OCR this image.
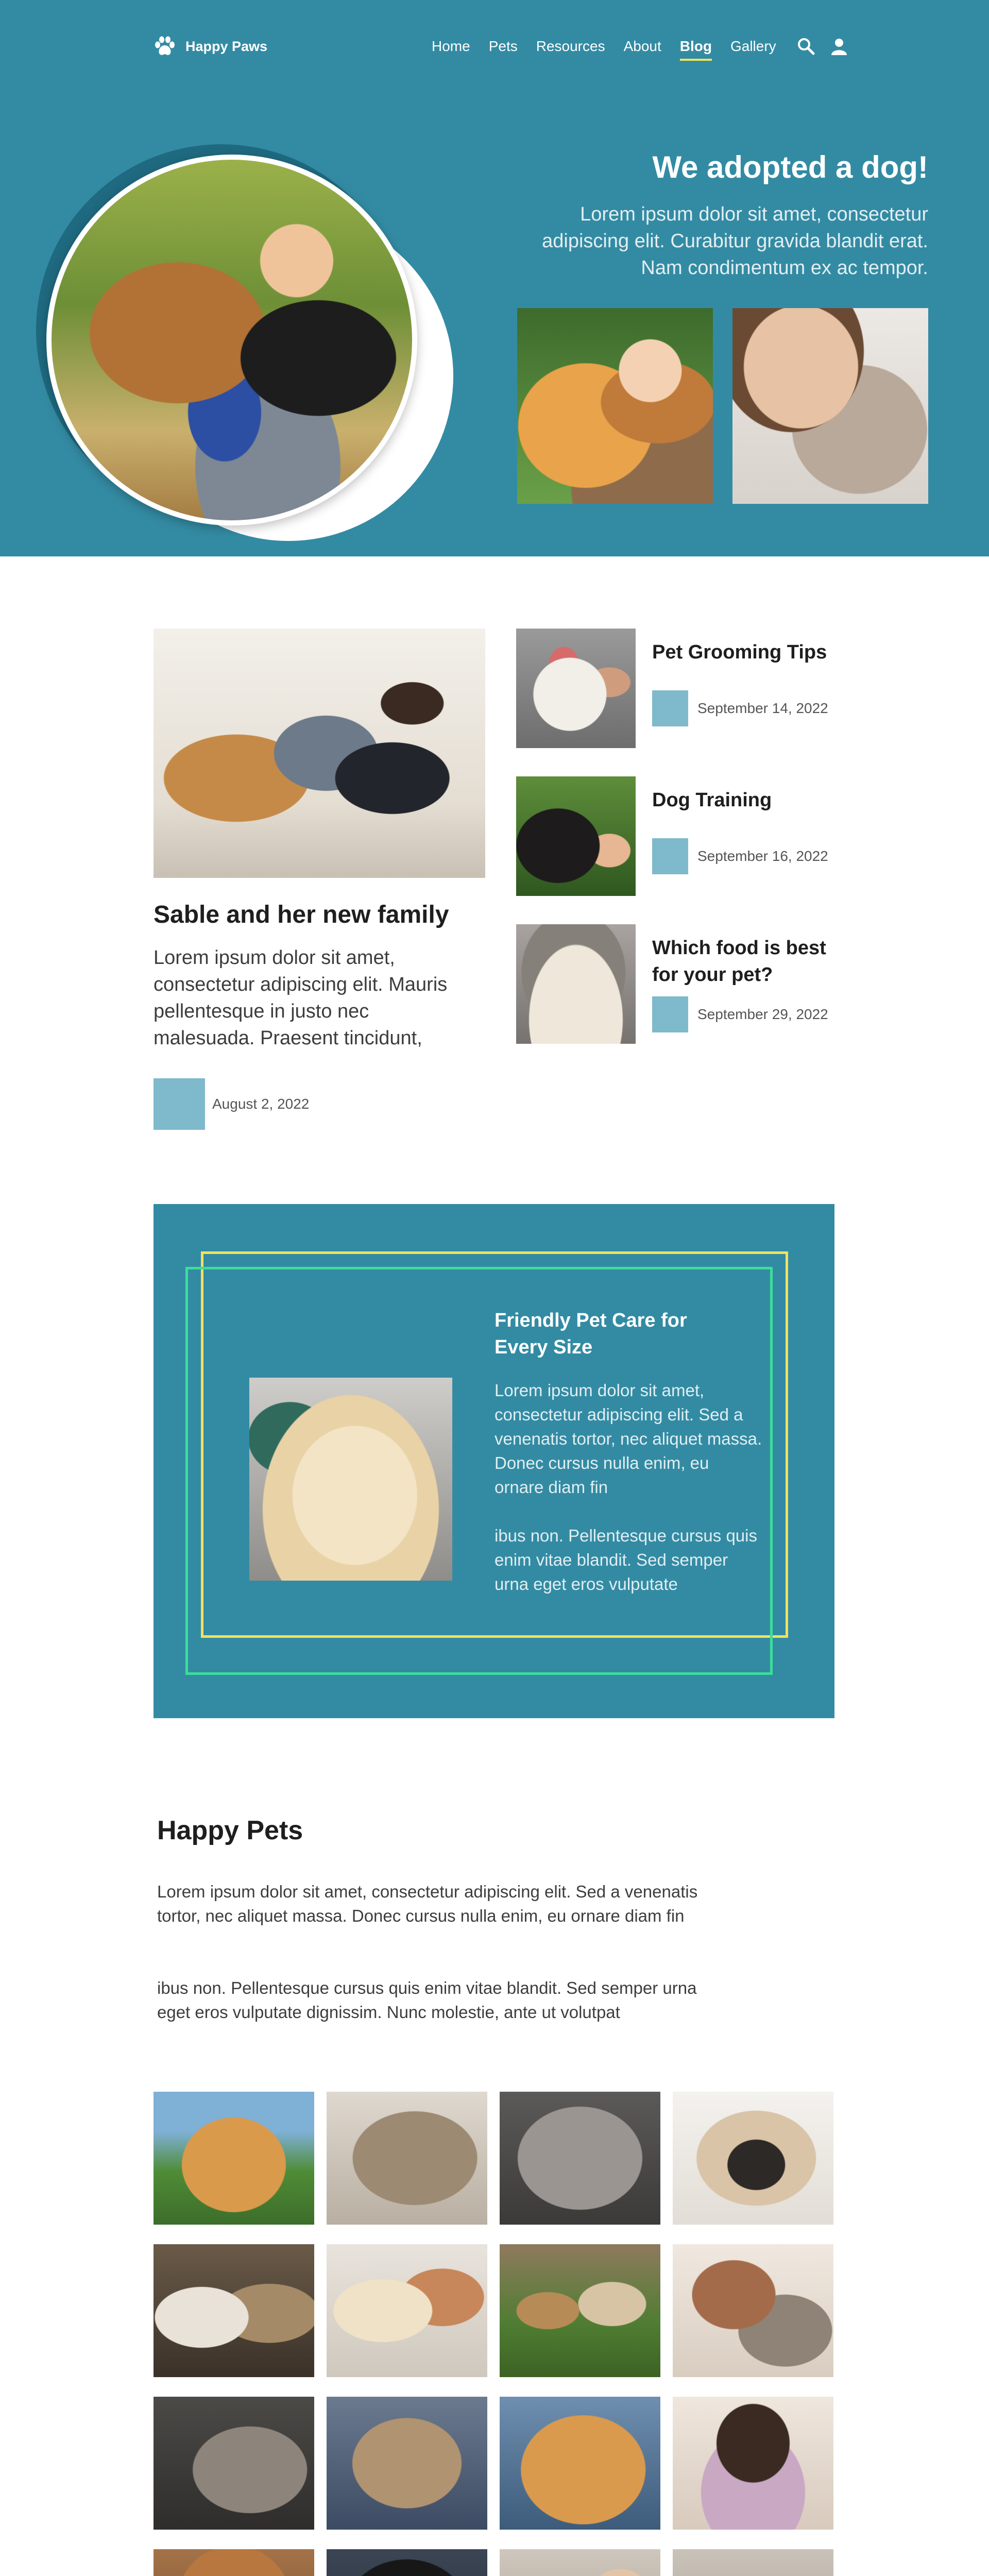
Happy Paws	Home Pets Resources About Blog Gallery
We adopted a dog!

Lorem ipsum dolor sit amet, consectetur adipiscing elit. Curabitur gravida blandit erat. Nam condimentum ex ac tempor.

Sable and her new family

Lorem ipsum dolor sit amet, consectetur adipiscing elit. Mauris pellentesque in justo nec malesuada. Praesent tincidunt,

August 2, 2022
Pet Grooming Tips
September 14, 2022
Dog Training
September 16, 2022
Which food is best for your pet?
September 29, 2022
Friendly Pet Care for Every Size

Lorem ipsum dolor sit amet, consectetur adipiscing elit. Sed a venenatis tortor, nec aliquet massa. Donec cursus nulla enim, eu ornare diam fin

ibus non. Pellentesque cursus quis enim vitae blandit. Sed semper urna eget eros vulputate

Happy Pets

Lorem ipsum dolor sit amet, consectetur adipiscing elit. Sed a venenatis tortor, nec aliquet massa. Donec cursus nulla enim, eu ornare diam fin

ibus non. Pellentesque cursus quis enim vitae blandit. Sed semper urna eget eros vulputate dignissim. Nunc molestie, ante ut volutpat
